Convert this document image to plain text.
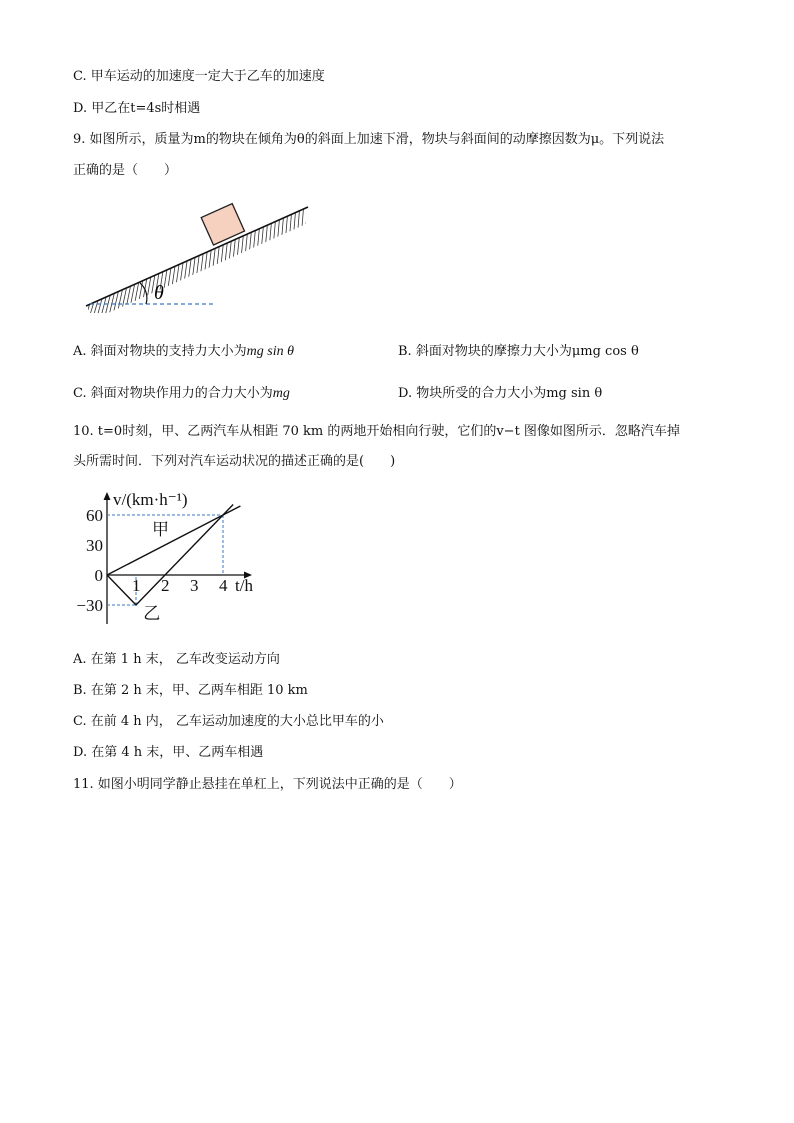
C. 甲车运动的加速度一定大于乙车的加速度
D. 甲乙在t=4s时相遇
9. 如图所示，质量为m的物块在倾角为θ的斜面上加速下滑，物块与斜面间的动摩擦因数为μ。下列说法
正确的是（　　）
θ
A. 斜面对物块的支持力大小为mg sin θ	B. 斜面对物块的摩擦力大小为μmg cos θ
C. 斜面对物块作用力的合力大小为mg	D. 物块所受的合力大小为mg sin θ
10. t=0时刻，甲、乙两汽车从相距 70 km 的两地开始相向行驶，它们的v−t 图像如图所示．忽略汽车掉
头所需时间．下列对汽车运动状况的描述正确的是(　　)
1 2 3 4
60
30
0
−30
v/(km·h⁻¹)
t/h
甲
乙
A. 在第 1 h 末， 乙车改变运动方向
B. 在第 2 h 末，甲、乙两车相距 10 km
C. 在前 4 h 内， 乙车运动加速度的大小总比甲车的小
D. 在第 4 h 末，甲、乙两车相遇
11. 如图小明同学静止悬挂在单杠上，下列说法中正确的是（　　）
